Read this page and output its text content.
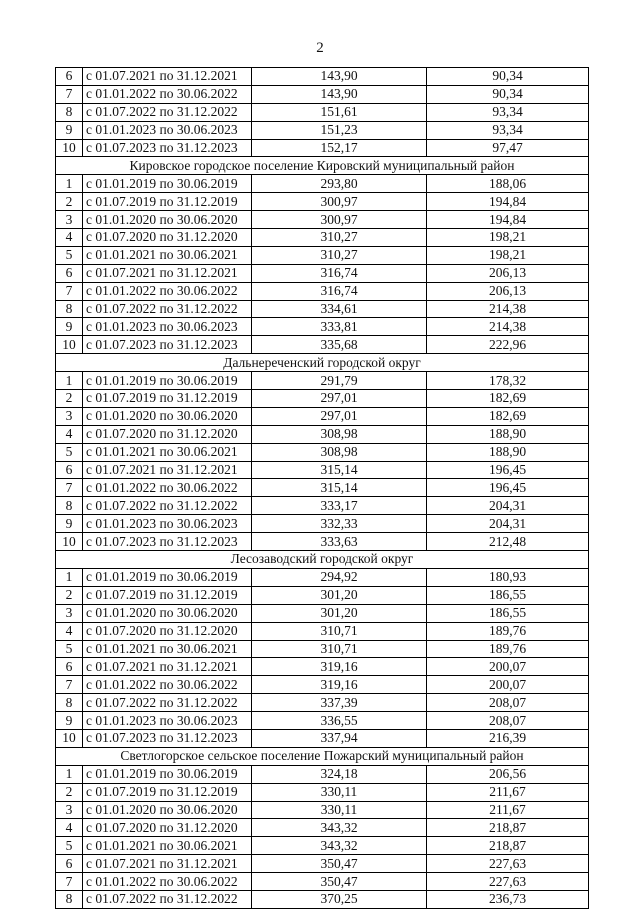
2
6	с 01.07.2021 по 31.12.2021	143,90	90,34
7	с 01.01.2022 по 30.06.2022	143,90	90,34
8	с 01.07.2022 по 31.12.2022	151,61	93,34
9	с 01.01.2023 по 30.06.2023	151,23	93,34
10	с 01.07.2023 по 31.12.2023	152,17	97,47
Кировское городское поселение Кировский муниципальный район			
1	с 01.01.2019 по 30.06.2019	293,80	188,06
2	с 01.07.2019 по 31.12.2019	300,97	194,84
3	с 01.01.2020 по 30.06.2020	300,97	194,84
4	с 01.07.2020 по 31.12.2020	310,27	198,21
5	с 01.01.2021 по 30.06.2021	310,27	198,21
6	с 01.07.2021 по 31.12.2021	316,74	206,13
7	с 01.01.2022 по 30.06.2022	316,74	206,13
8	с 01.07.2022 по 31.12.2022	334,61	214,38
9	с 01.01.2023 по 30.06.2023	333,81	214,38
10	с 01.07.2023 по 31.12.2023	335,68	222,96
Дальнереченский городской округ			
1	с 01.01.2019 по 30.06.2019	291,79	178,32
2	с 01.07.2019 по 31.12.2019	297,01	182,69
3	с 01.01.2020 по 30.06.2020	297,01	182,69
4	с 01.07.2020 по 31.12.2020	308,98	188,90
5	с 01.01.2021 по 30.06.2021	308,98	188,90
6	с 01.07.2021 по 31.12.2021	315,14	196,45
7	с 01.01.2022 по 30.06.2022	315,14	196,45
8	с 01.07.2022 по 31.12.2022	333,17	204,31
9	с 01.01.2023 по 30.06.2023	332,33	204,31
10	с 01.07.2023 по 31.12.2023	333,63	212,48
Лесозаводский городской округ			
1	с 01.01.2019 по 30.06.2019	294,92	180,93
2	с 01.07.2019 по 31.12.2019	301,20	186,55
3	с 01.01.2020 по 30.06.2020	301,20	186,55
4	с 01.07.2020 по 31.12.2020	310,71	189,76
5	с 01.01.2021 по 30.06.2021	310,71	189,76
6	с 01.07.2021 по 31.12.2021	319,16	200,07
7	с 01.01.2022 по 30.06.2022	319,16	200,07
8	с 01.07.2022 по 31.12.2022	337,39	208,07
9	с 01.01.2023 по 30.06.2023	336,55	208,07
10	с 01.07.2023 по 31.12.2023	337,94	216,39
Светлогорское сельское поселение Пожарский муниципальный район			
1	с 01.01.2019 по 30.06.2019	324,18	206,56
2	с 01.07.2019 по 31.12.2019	330,11	211,67
3	с 01.01.2020 по 30.06.2020	330,11	211,67
4	с 01.07.2020 по 31.12.2020	343,32	218,87
5	с 01.01.2021 по 30.06.2021	343,32	218,87
6	с 01.07.2021 по 31.12.2021	350,47	227,63
7	с 01.01.2022 по 30.06.2022	350,47	227,63
8	с 01.07.2022 по 31.12.2022	370,25	236,73
